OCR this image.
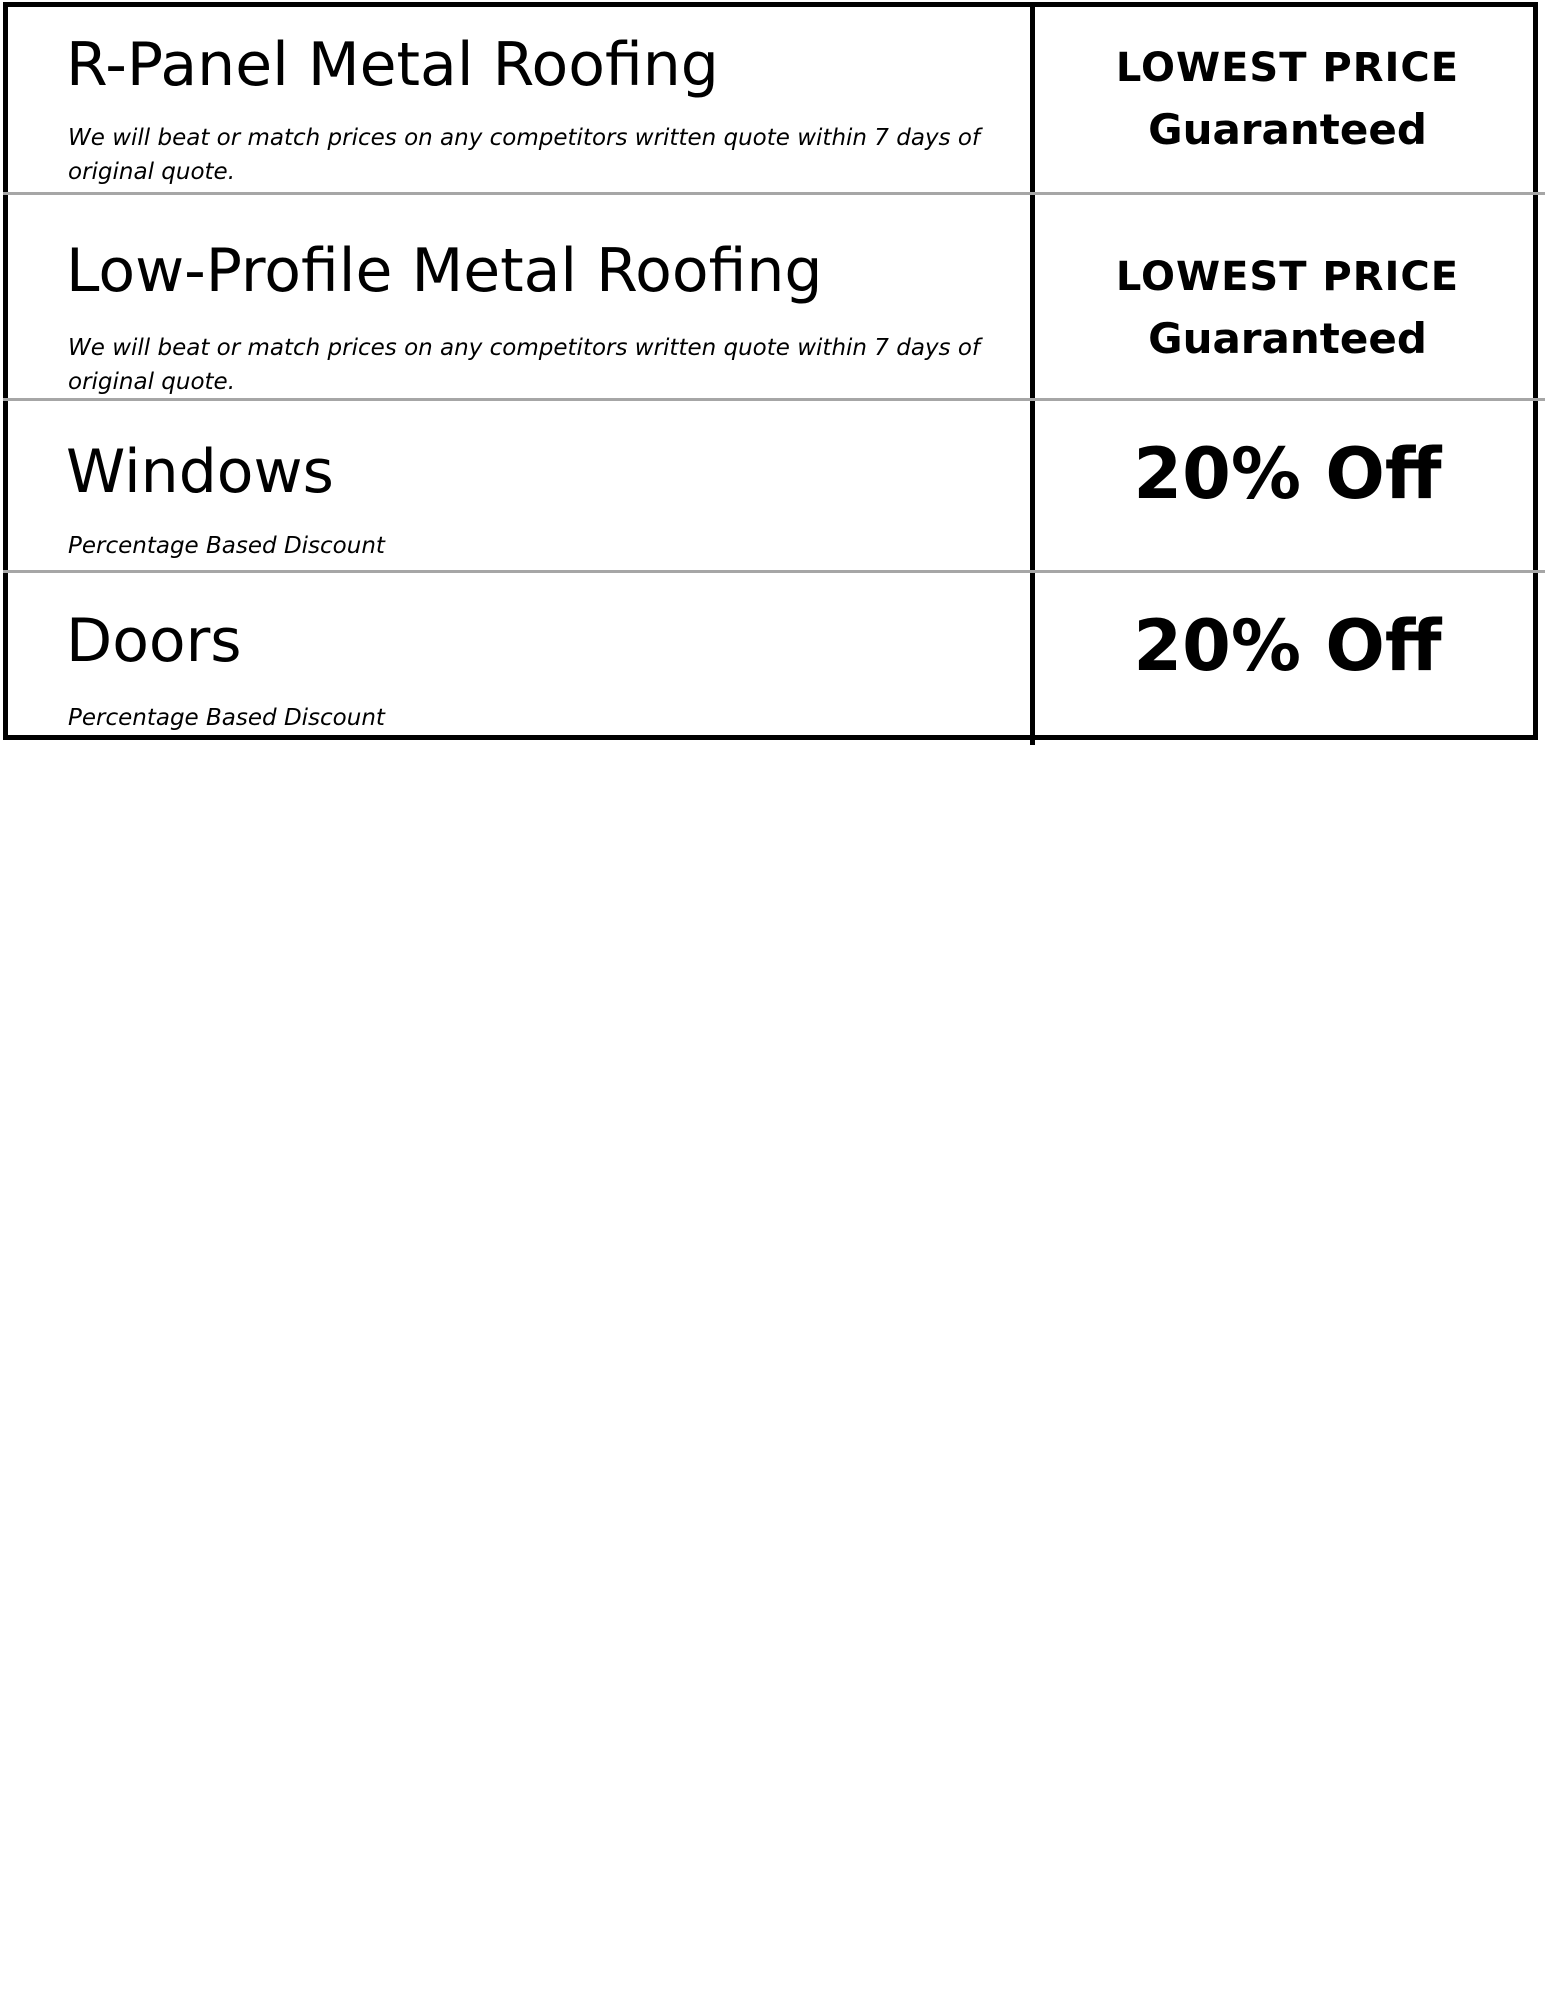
R-Panel Metal Roofing

We will beat or match prices on any competitors written quote within 7 days of original quote.

LOWEST PRICE
Guaranteed
Low-Profile Metal Roofing

We will beat or match prices on any competitors written quote within 7 days of original quote.

LOWEST PRICE
Guaranteed
Windows

Percentage Based Discount

20% Off
Doors

Percentage Based Discount

20% Off
